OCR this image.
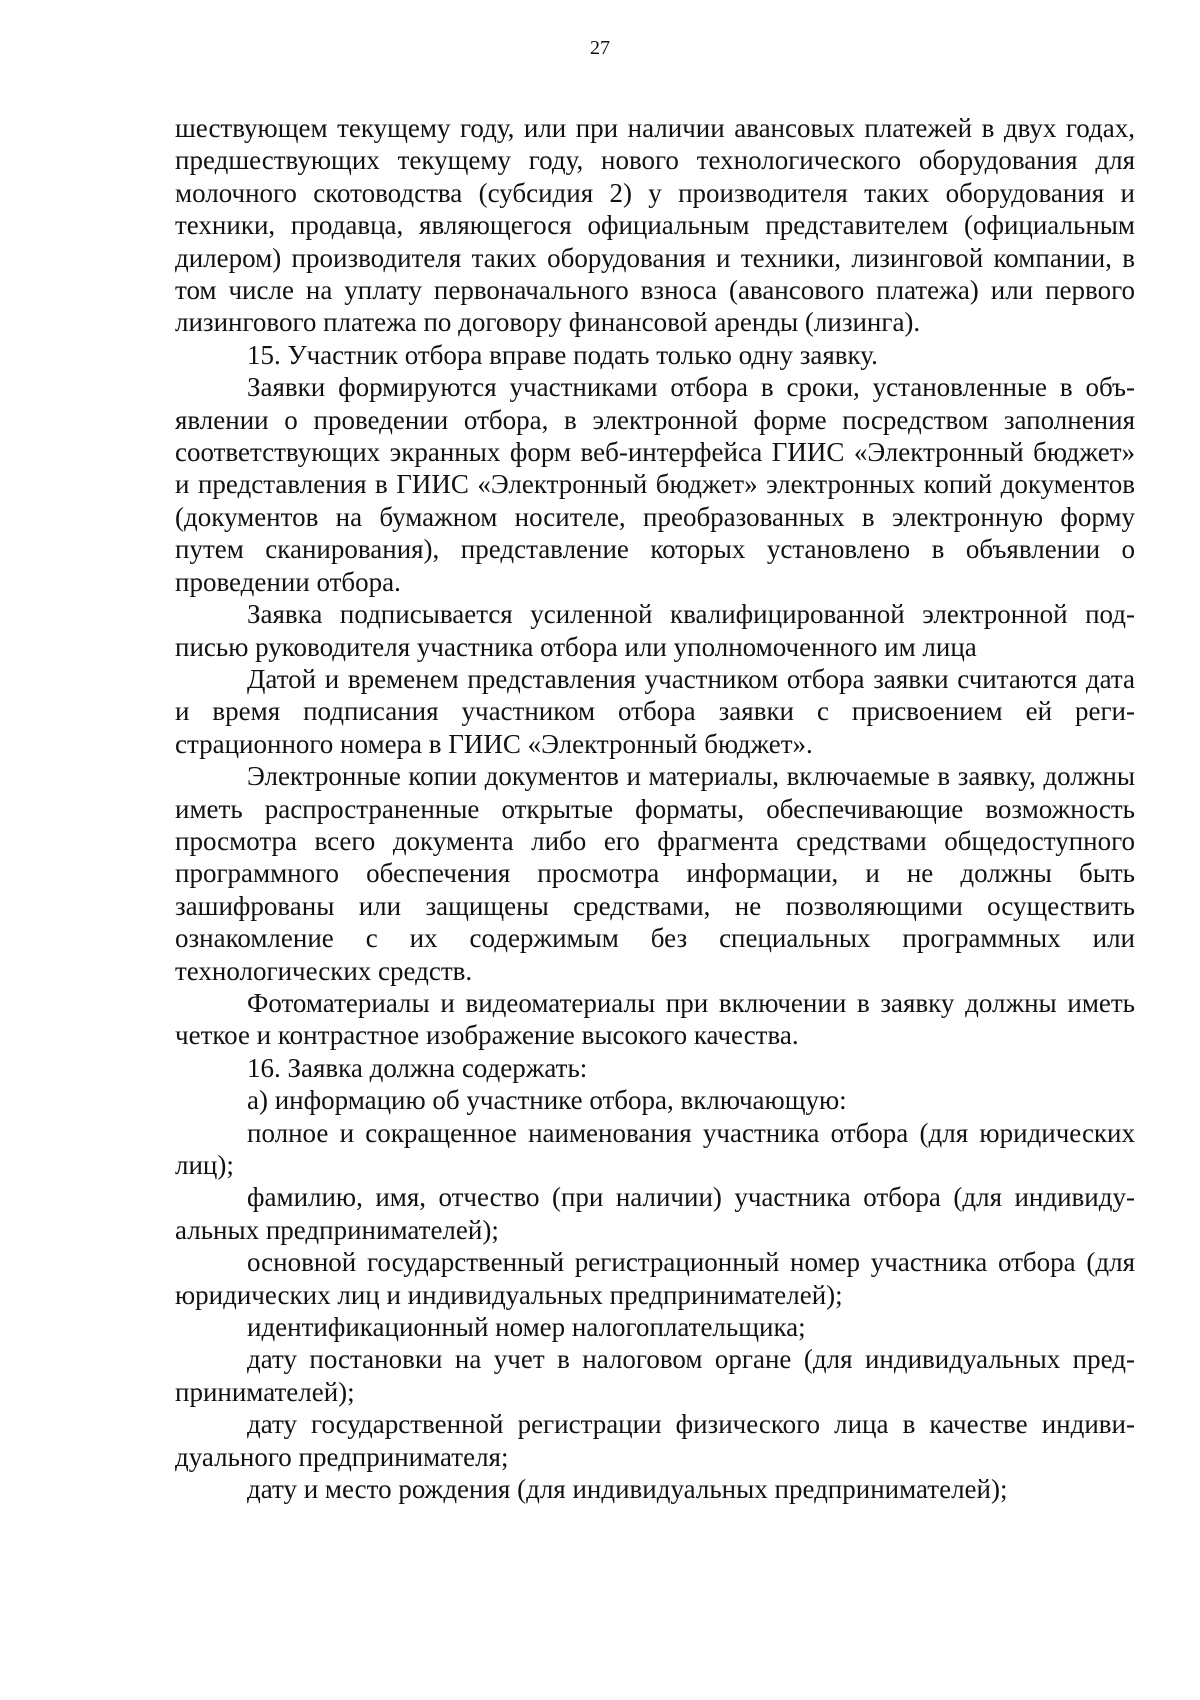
27

шествующем текущему году, или при наличии авансовых платежей в двух годах, предшествующих текущему году, нового технологического оборудования для молочного скотоводства (субсидия 2) у производителя таких оборудования и техники, продавца, являющегося официальным представителем (официальным дилером) производителя таких оборудования и техники, лизинговой компании, в том числе на уплату первоначального взноса (авансового платежа) или первого лизингового платежа по договору финансовой аренды (лизинга).

15. Участник отбора вправе подать только одну заявку.

Заявки формируются участниками отбора в сроки, установленные в объявлении о проведении отбора, в электронной форме посредством заполнения соответствующих экранных форм веб-интерфейса ГИИС «Электронный бюджет» и представления в ГИИС «Электронный бюджет» электронных копий документов (документов на бумажном носителе, преобразованных в электронную форму путем сканирования), представление которых установлено в объявлении о проведении отбора.

Заявка подписывается усиленной квалифицированной электронной подписью руководителя участника отбора или уполномоченного им лица

Датой и временем представления участником отбора заявки считаются дата и время подписания участником отбора заявки с присвоением ей регистрационного номера в ГИИС «Электронный бюджет».

Электронные копии документов и материалы, включаемые в заявку, должны иметь распространенные открытые форматы, обеспечивающие возможность просмотра всего документа либо его фрагмента средствами общедоступного программного обеспечения просмотра информации, и не должны быть зашифрованы или защищены средствами, не позволяющими осуществить ознакомление с их содержимым без специальных программных или технологических средств.

Фотоматериалы и видеоматериалы при включении в заявку должны иметь четкое и контрастное изображение высокого качества.

16. Заявка должна содержать:

а) информацию об участнике отбора, включающую:

полное и сокращенное наименования участника отбора (для юридических лиц);

фамилию, имя, отчество (при наличии) участника отбора (для индивидуальных предпринимателей);

основной государственный регистрационный номер участника отбора (для юридических лиц и индивидуальных предпринимателей);

идентификационный номер налогоплательщика;

дату постановки на учет в налоговом органе (для индивидуальных предпринимателей);

дату государственной регистрации физического лица в качестве индивидуального предпринимателя;

дату и место рождения (для индивидуальных предпринимателей);
